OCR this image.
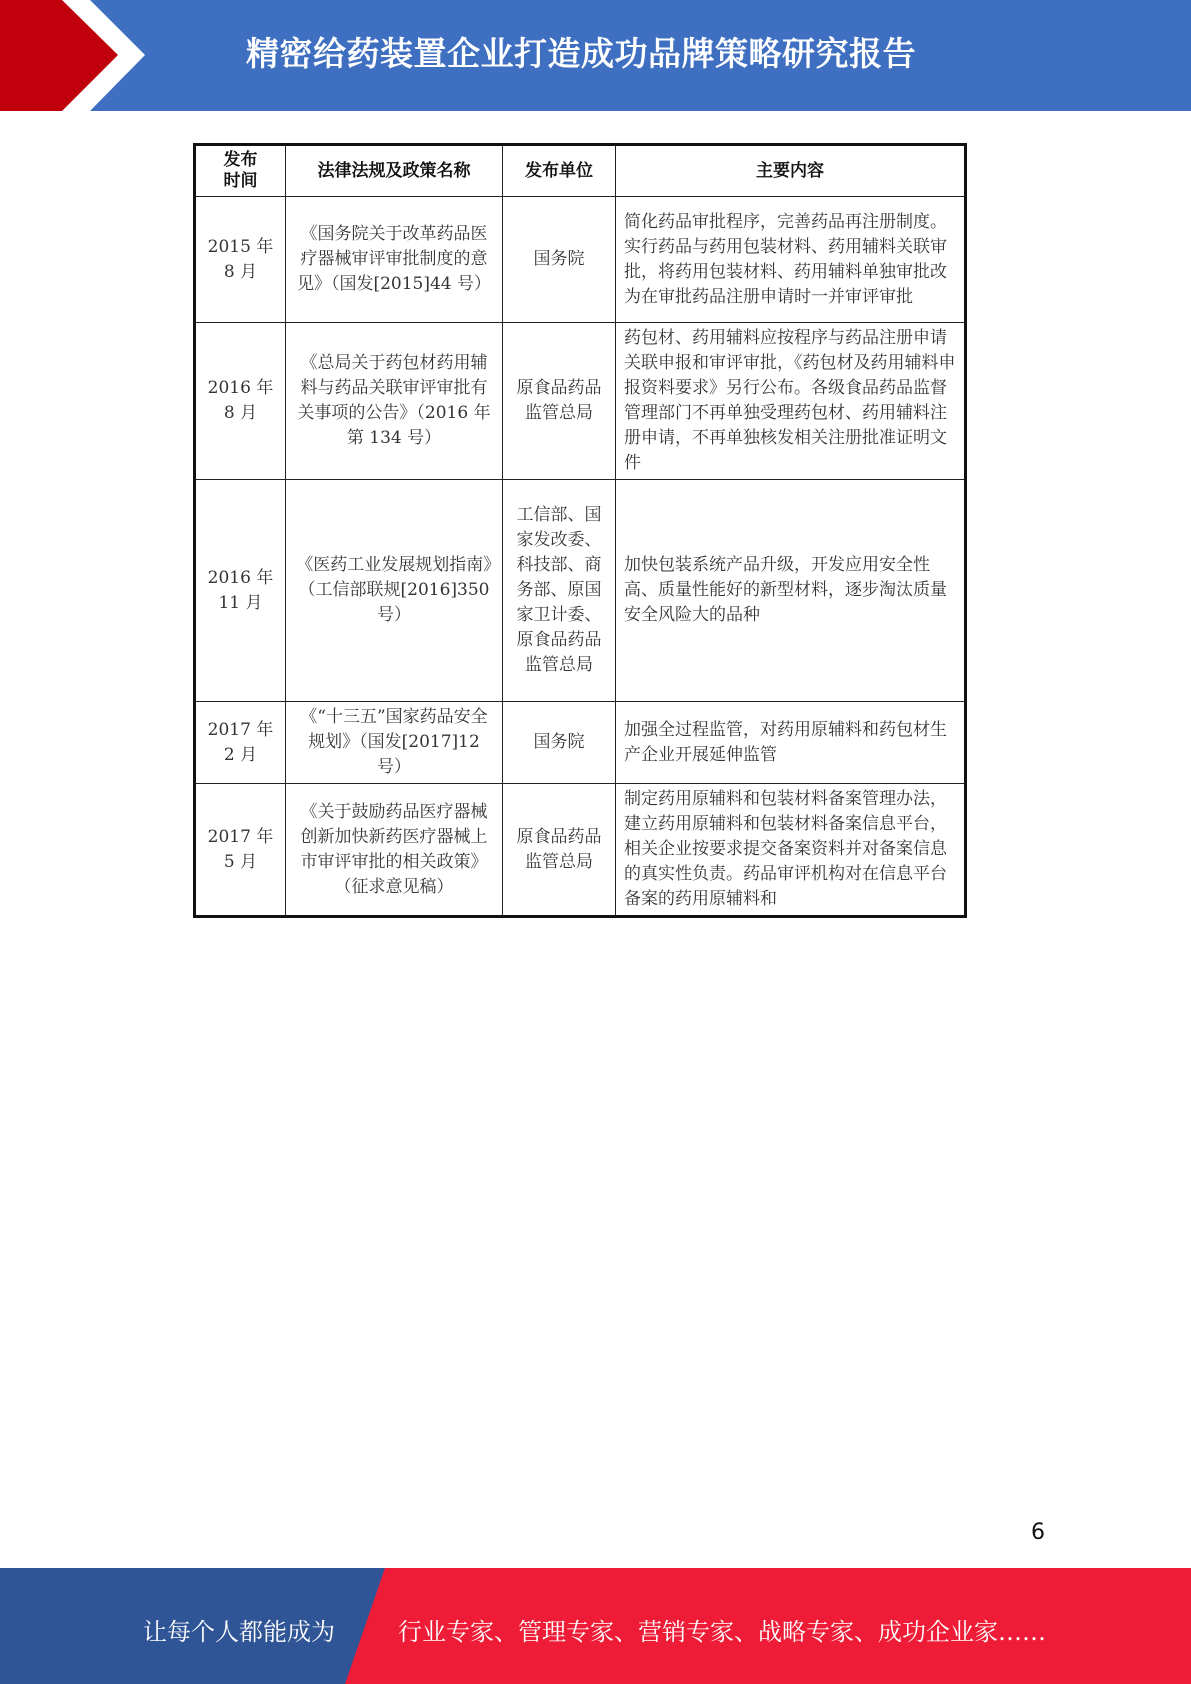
精密给药装置企业打造成功品牌策略研究报告
发布时间	法律法规及政策名称	发布单位	主要内容
2015 年 8 月	《国务院关于改革药品医疗器械审评审批制度的意见》（国发[2015]44 号）	国务院	简化药品审批程序，完善药品再注册制度。实行药品与药用包装材料、药用辅料关联审批，将药用包装材料、药用辅料单独审批改为在审批药品注册申请时一并审评审批
2016 年 8 月	《总局关于药包材药用辅料与药品关联审评审批有关事项的公告》（2016 年第 134 号）	原食品药品监管总局	药包材、药用辅料应按程序与药品注册申请关联申报和审评审批，《药包材及药用辅料申报资料要求》另行公布。各级食品药品监督管理部门不再单独受理药包材、药用辅料注册申请，不再单独核发相关注册批准证明文件
2016 年 11 月	《医药工业发展规划指南》（工信部联规[2016]350 号）	工信部、国家发改委、科技部、商务部、原国家卫计委、原食品药品监管总局	加快包装系统产品升级，开发应用安全性高、质量性能好的新型材料，逐步淘汰质量安全风险大的品种
2017 年 2 月	《“十三五”国家药品安全规划》（国发[2017]12 号）	国务院	加强全过程监管，对药用原辅料和药包材生产企业开展延伸监管
2017 年 5 月	《关于鼓励药品医疗器械创新加快新药医疗器械上市审评审批的相关政策》（征求意见稿）	原食品药品监管总局	制定药用原辅料和包装材料备案管理办法，建立药用原辅料和包装材料备案信息平台，相关企业按要求提交备案资料并对备案信息的真实性负责。药品审评机构对在信息平台备案的药用原辅料和
6
让每个人都能成为	行业专家、管理专家、营销专家、战略专家、成功企业家……
